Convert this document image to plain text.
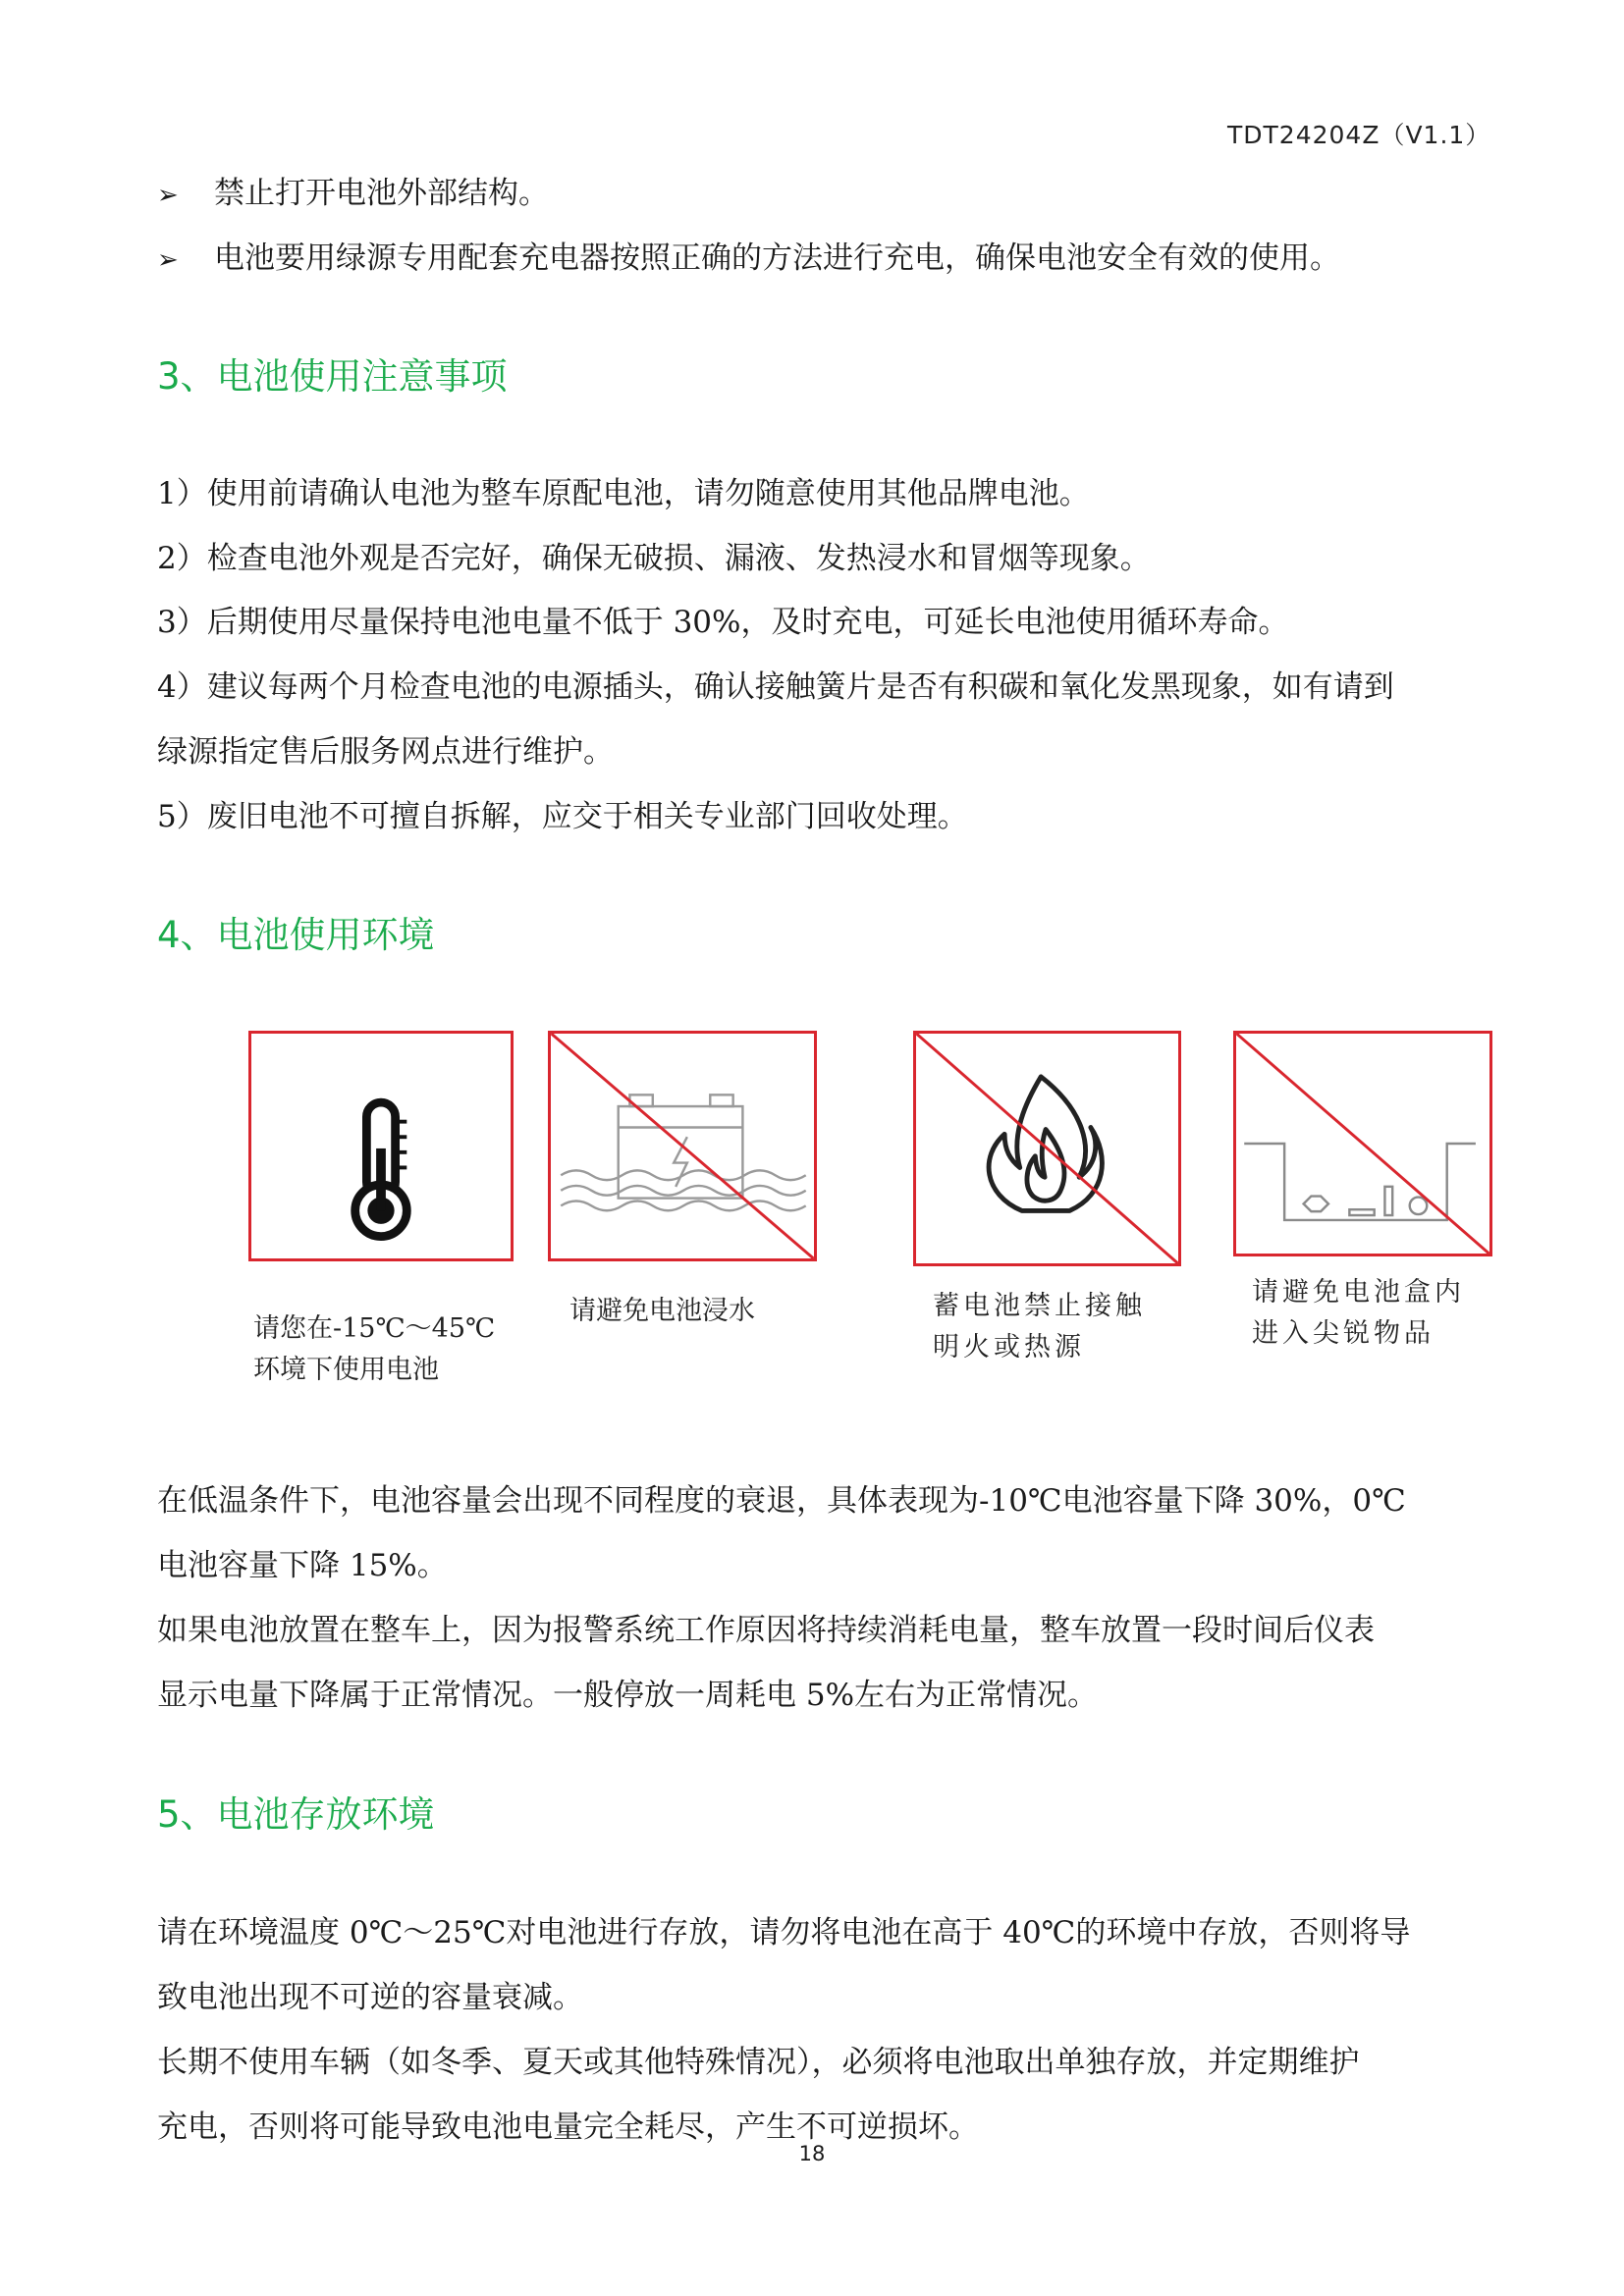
TDT24204Z（V1.1）
➢ 禁止打开电池外部结构。
➢ 电池要用绿源专用配套充电器按照正确的方法进行充电，确保电池安全有效的使用。
3、电池使用注意事项
1）使用前请确认电池为整车原配电池，请勿随意使用其他品牌电池。
2）检查电池外观是否完好，确保无破损、漏液、发热浸水和冒烟等现象。
3）后期使用尽量保持电池电量不低于 30%，及时充电，可延长电池使用循环寿命。
4）建议每两个月检查电池的电源插头，确认接触簧片是否有积碳和氧化发黑现象，如有请到
绿源指定售后服务网点进行维护。
5）废旧电池不可擅自拆解，应交于相关专业部门回收处理。
4、电池使用环境
请您在-15℃～45℃
环境下使用电池
请避免电池浸水	蓄电池禁止接触
明火或热源
请避免电池盒内
进入尖锐物品
在低温条件下，电池容量会出现不同程度的衰退，具体表现为-10℃电池容量下降 30%，0℃
电池容量下降 15%。
如果电池放置在整车上，因为报警系统工作原因将持续消耗电量，整车放置一段时间后仪表
显示电量下降属于正常情况。一般停放一周耗电 5%左右为正常情况。
5、电池存放环境
请在环境温度 0℃～25℃对电池进行存放，请勿将电池在高于 40℃的环境中存放，否则将导
致电池出现不可逆的容量衰减。
长期不使用车辆（如冬季、夏天或其他特殊情况），必须将电池取出单独存放，并定期维护
充电，否则将可能导致电池电量完全耗尽，产生不可逆损坏。
18
